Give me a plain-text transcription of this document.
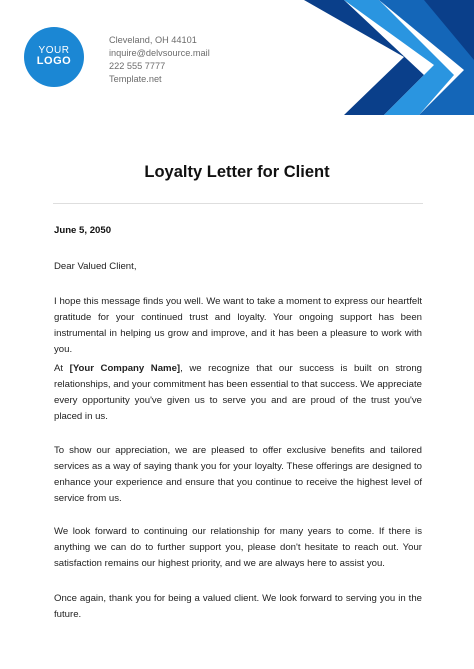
YOUR
LOGO
Cleveland, OH 44101
inquire@delvsource.mail
222 555 7777
Template.net
Loyalty Letter for Client
June 5, 2050
Dear Valued Client,

I hope this message finds you well. We want to take a moment to express our heartfelt gratitude for your continued trust and loyalty. Your ongoing support has been instrumental in helping us grow and improve, and it has been a pleasure to work with you.

At [Your Company Name], we recognize that our success is built on strong relationships, and your commitment has been essential to that success. We appreciate every opportunity you've given us to serve you and are proud of the trust you've placed in us.

To show our appreciation, we are pleased to offer exclusive benefits and tailored services as a way of saying thank you for your loyalty. These offerings are designed to enhance your experience and ensure that you continue to receive the highest level of service from us.

We look forward to continuing our relationship for many years to come. If there is anything we can do to further support you, please don't hesitate to reach out. Your satisfaction remains our highest priority, and we are always here to assist you.

Once again, thank you for being a valued client. We look forward to serving you in the future.
